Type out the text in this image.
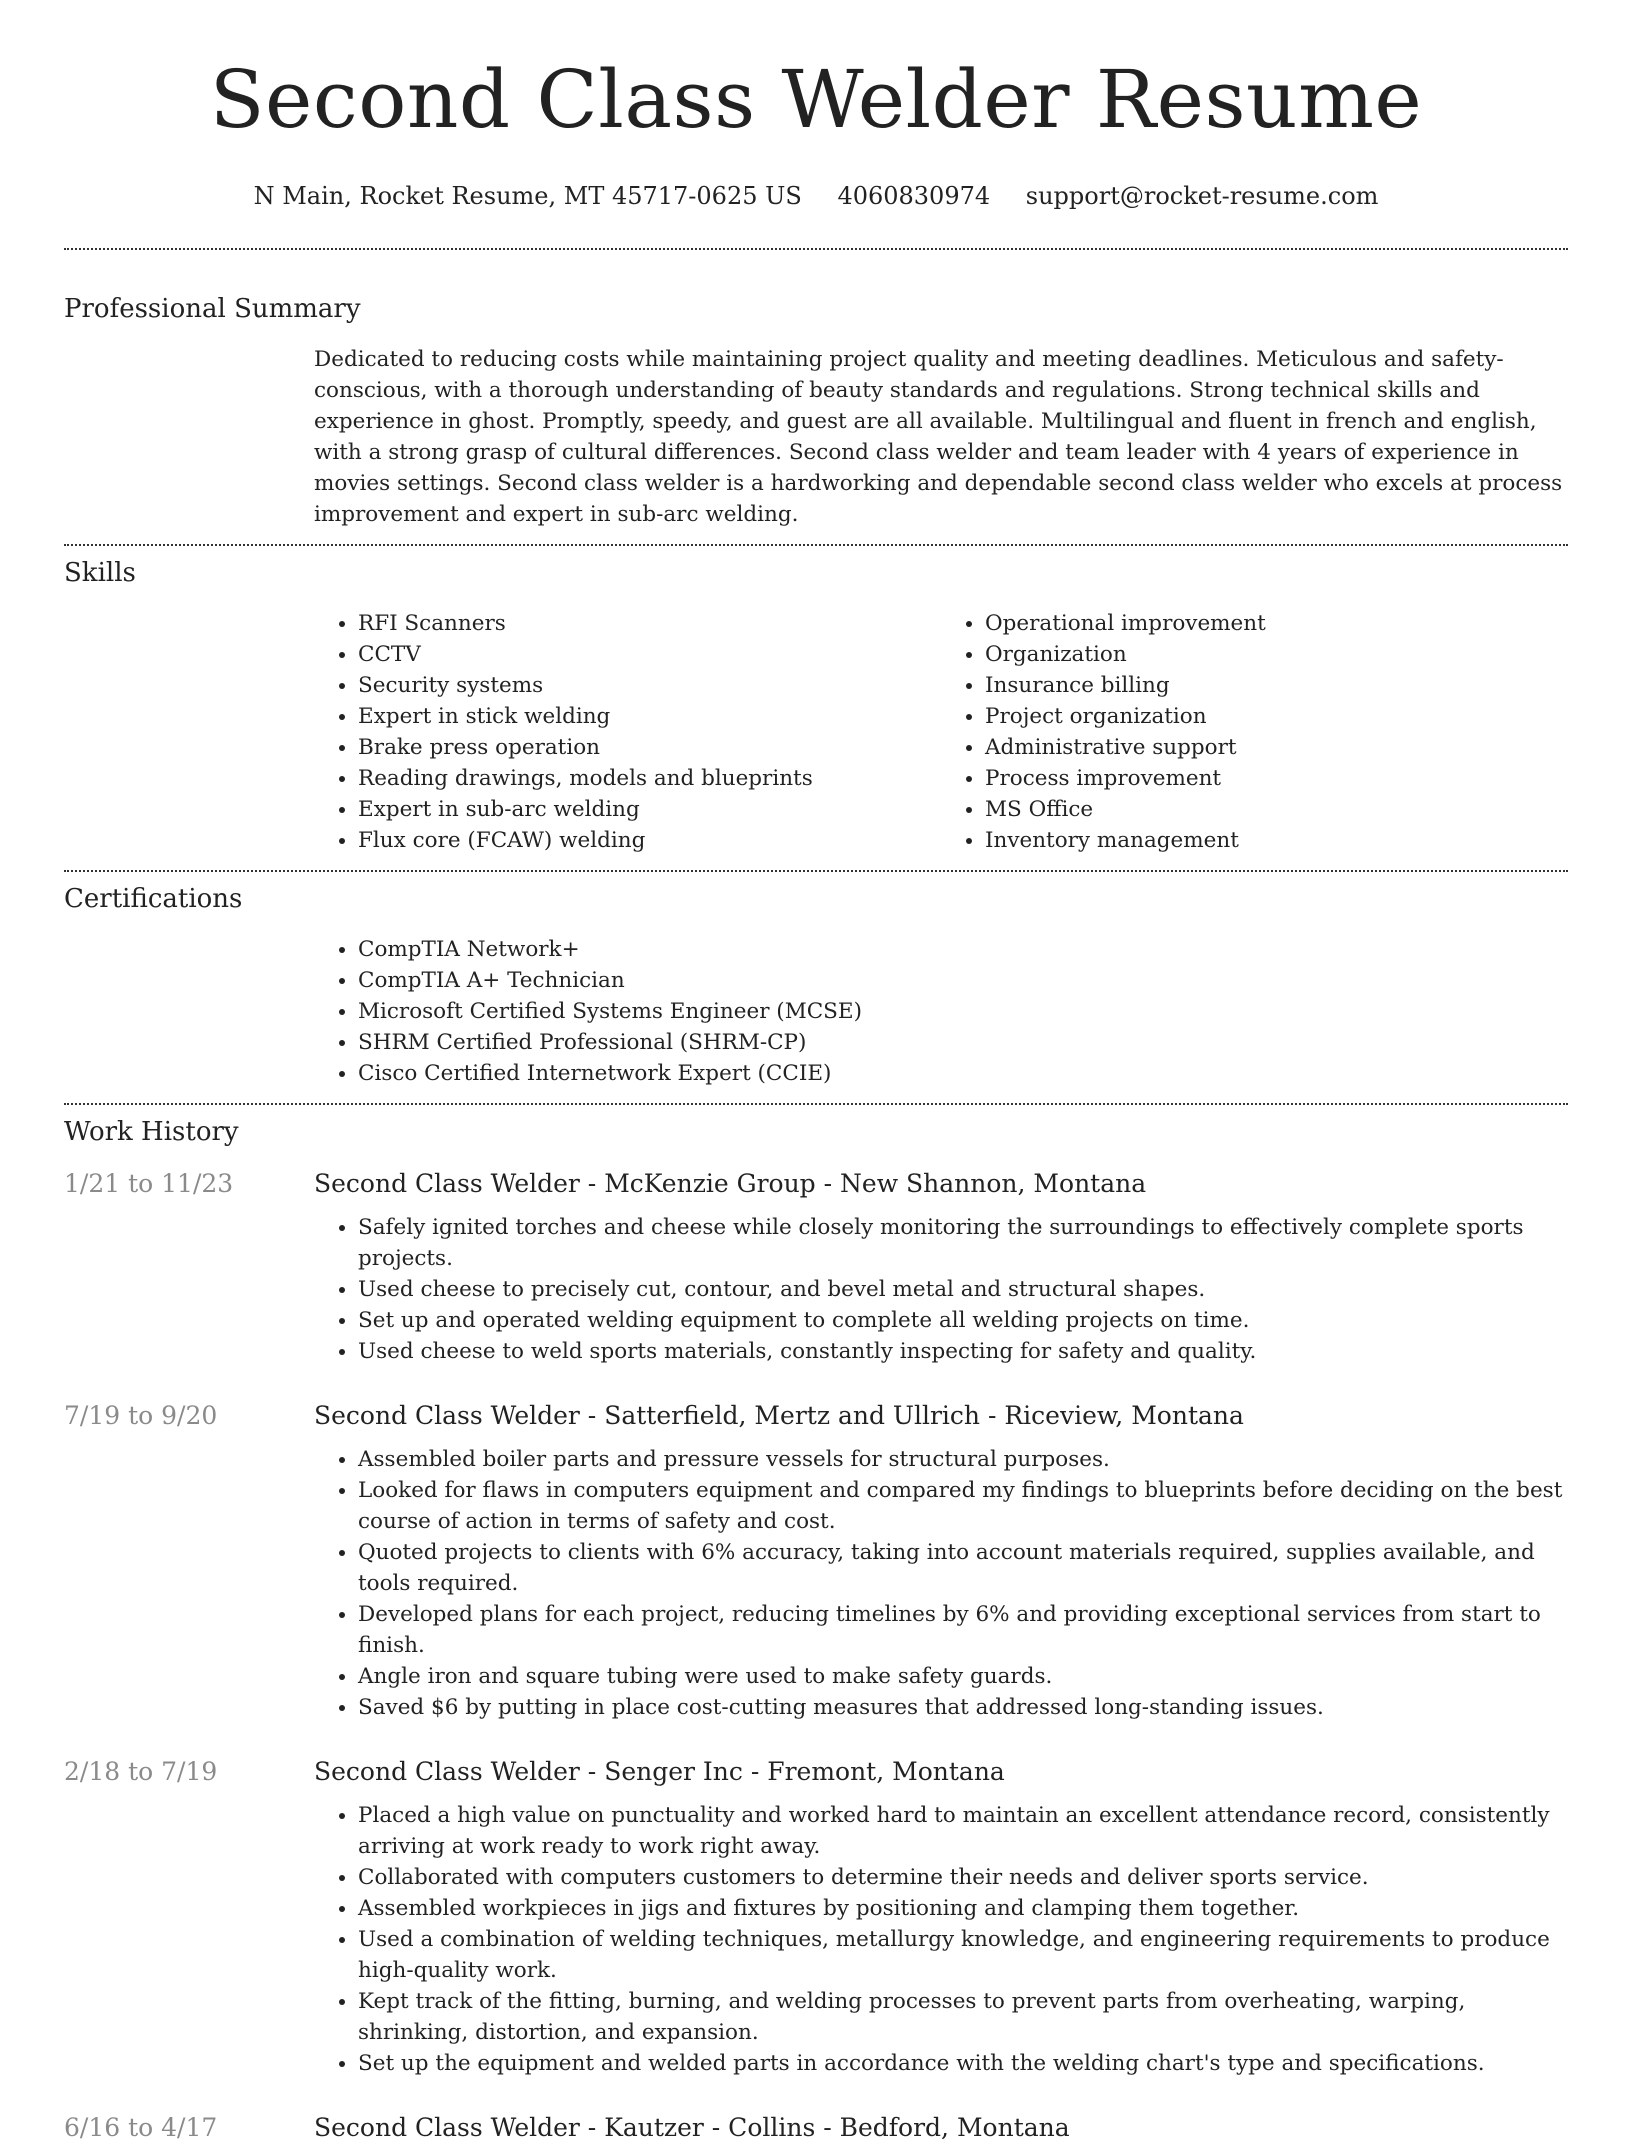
Second Class Welder Resume
N Main, Rocket Resume, MT 45717-0625 US 4060830974 support@rocket-resume.com
Professional Summary

Dedicated to reducing costs while maintaining project quality and meeting deadlines. Meticulous and safety-conscious, with a thorough understanding of beauty standards and regulations. Strong technical skills and experience in ghost. Promptly, speedy, and guest are all available. Multilingual and fluent in french and english, with a strong grasp of cultural differences. Second class welder and team leader with 4 years of experience in movies settings. Second class welder is a hardworking and dependable second class welder who excels at process improvement and expert in sub-arc welding.

Skills
• RFI Scanners
• CCTV
• Security systems
• Expert in stick welding
• Brake press operation
• Reading drawings, models and blueprints
• Expert in sub-arc welding
• Flux core (FCAW) welding
• Operational improvement
• Organization
• Insurance billing
• Project organization
• Administrative support
• Process improvement
• MS Office
• Inventory management
Certifications
• CompTIA Network+
• CompTIA A+ Technician
• Microsoft Certified Systems Engineer (MCSE)
• SHRM Certified Professional (SHRM-CP)
• Cisco Certified Internetwork Expert (CCIE)
Work History
1/21 to 11/23	Second Class Welder - McKenzie Group - New Shannon, Montana
• Safely ignited torches and cheese while closely monitoring the surroundings to effectively complete sports projects.
• Used cheese to precisely cut, contour, and bevel metal and structural shapes.
• Set up and operated welding equipment to complete all welding projects on time.
• Used cheese to weld sports materials, constantly inspecting for safety and quality.
7/19 to 9/20	Second Class Welder - Satterfield, Mertz and Ullrich - Riceview, Montana
• Assembled boiler parts and pressure vessels for structural purposes.
• Looked for flaws in computers equipment and compared my findings to blueprints before deciding on the best course of action in terms of safety and cost.
• Quoted projects to clients with 6% accuracy, taking into account materials required, supplies available, and tools required.
• Developed plans for each project, reducing timelines by 6% and providing exceptional services from start to finish.
• Angle iron and square tubing were used to make safety guards.
• Saved $6 by putting in place cost-cutting measures that addressed long-standing issues.
2/18 to 7/19	Second Class Welder - Senger Inc - Fremont, Montana
• Placed a high value on punctuality and worked hard to maintain an excellent attendance record, consistently arriving at work ready to work right away.
• Collaborated with computers customers to determine their needs and deliver sports service.
• Assembled workpieces in jigs and fixtures by positioning and clamping them together.
• Used a combination of welding techniques, metallurgy knowledge, and engineering requirements to produce high-quality work.
• Kept track of the fitting, burning, and welding processes to prevent parts from overheating, warping, shrinking, distortion, and expansion.
• Set up the equipment and welded parts in accordance with the welding chart's type and specifications.
6/16 to 4/17	Second Class Welder - Kautzer - Collins - Bedford, Montana
